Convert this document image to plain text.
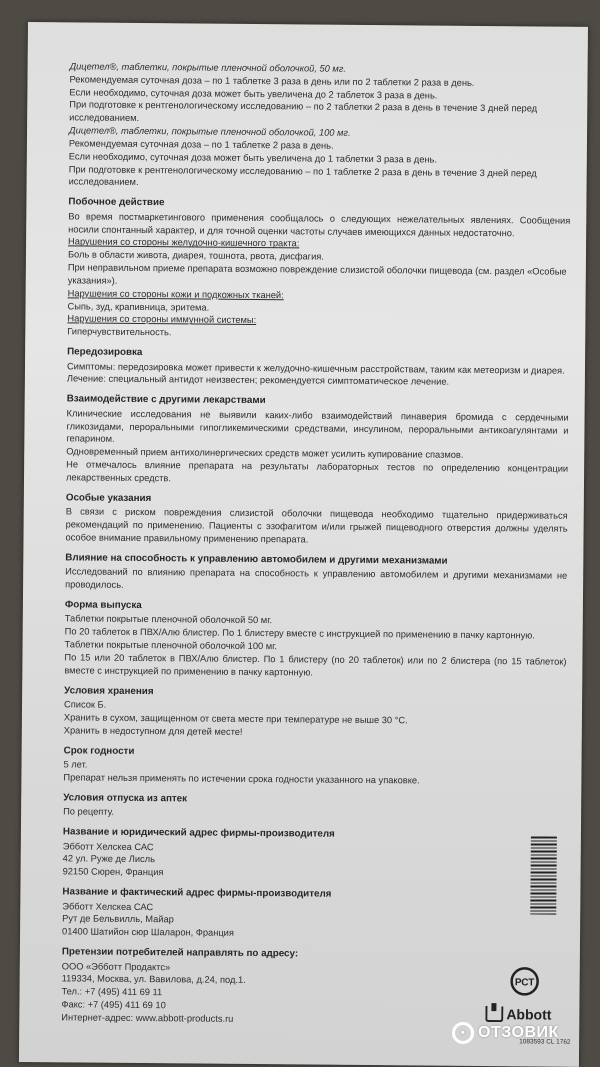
Дицетел®, таблетки, покрытые пленочной оболочкой, 50 мг.

Рекомендуемая суточная доза – по 1 таблетке 3 раза в день или по 2 таблетки 2 раза в день.

Если необходимо, суточная доза может быть увеличена до 2 таблеток 3 раза в день.

При подготовке к рентгенологическому исследованию – по 2 таблетки 2 раза в день в течение 3 дней перед исследованием.

Дицетел®, таблетки, покрытые пленочной оболочкой, 100 мг.

Рекомендуемая суточная доза – по 1 таблетке 2 раза в день.

Если необходимо, суточная доза может быть увеличена до 1 таблетки 3 раза в день.

При подготовке к рентгенологическому исследованию – по 1 таблетке 2 раза в день в течение 3 дней перед исследованием.

Побочное действие

Во время постмаркетингового применения сообщалось о следующих нежелательных явлениях. Сообщения носили спонтанный характер, и для точной оценки частоты случаев имеющихся данных недостаточно.

Нарушения со стороны желудочно-кишечного тракта:

Боль в области живота, диарея, тошнота, рвота, дисфагия.

При неправильном приеме препарата возможно повреждение слизистой оболочки пищевода (см. раздел «Особые указания»).

Нарушения со стороны кожи и подкожных тканей:

Сыпь, зуд, крапивница, эритема.

Нарушения со стороны иммунной системы:

Гиперчувствительность.

Передозировка

Симптомы: передозировка может привести к желудочно-кишечным расстройствам, таким как метеоризм и диарея.

Лечение: специальный антидот неизвестен; рекомендуется симптоматическое лечение.

Взаимодействие с другими лекарствами

Клинические исследования не выявили каких-либо взаимодействий пинаверия бромида с сердечными гликозидами, пероральными гипогликемическими средствами, инсулином, пероральными антикоагулянтами и гепарином.

Одновременный прием антихолинергических средств может усилить купирование спазмов.

Не отмечалось влияние препарата на результаты лабораторных тестов по определению концентрации лекарственных средств.

Особые указания

В связи с риском повреждения слизистой оболочки пищевода необходимо тщательно придерживаться рекомендаций по применению. Пациенты с эзофагитом и/или грыжей пищеводного отверстия должны уделять особое внимание правильному применению препарата.

Влияние на способность к управлению автомобилем и другими механизмами

Исследований по влиянию препарата на способность к управлению автомобилем и другими механизмами не проводилось.

Форма выпуска

Таблетки покрытые пленочной оболочкой 50 мг.

По 20 таблеток в ПВХ/Алю блистер. По 1 блистеру вместе с инструкцией по применению в пачку картонную.

Таблетки покрытые пленочной оболочкой 100 мг.

По 15 или 20 таблеток в ПВХ/Алю блистер. По 1 блистеру (по 20 таблеток) или по 2 блистера (по 15 таблеток) вместе с инструкцией по применению в пачку картонную.

Условия хранения

Список Б.

Хранить в сухом, защищенном от света месте при температуре не выше 30 °С.

Хранить в недоступном для детей месте!

Срок годности

5 лет.

Препарат нельзя применять по истечении срока годности указанного на упаковке.

Условия отпуска из аптек

По рецепту.

Название и юридический адрес фирмы-производителя

Эбботт Хелскеа САС

42 ул. Руже де Лисль

92150 Сюрен, Франция

Название и фактический адрес фирмы-производителя

Эбботт Хелскеа САС

Рут де Бельвилль, Майар

01400 Шатийон сюр Шаларон, Франция

Претензии потребителей направлять по адресу:

ООО «Эбботт Продактс»

119334, Москва, ул. Вавилова, д.24, под.1.

Тел.: +7 (495) 411 69 11

Факс: +7 (495) 411 69 10

Интернет-адрес: www.abbott-products.ru

РСТ
Abbott
1083593 CL 1762
• ОТЗОВИК
